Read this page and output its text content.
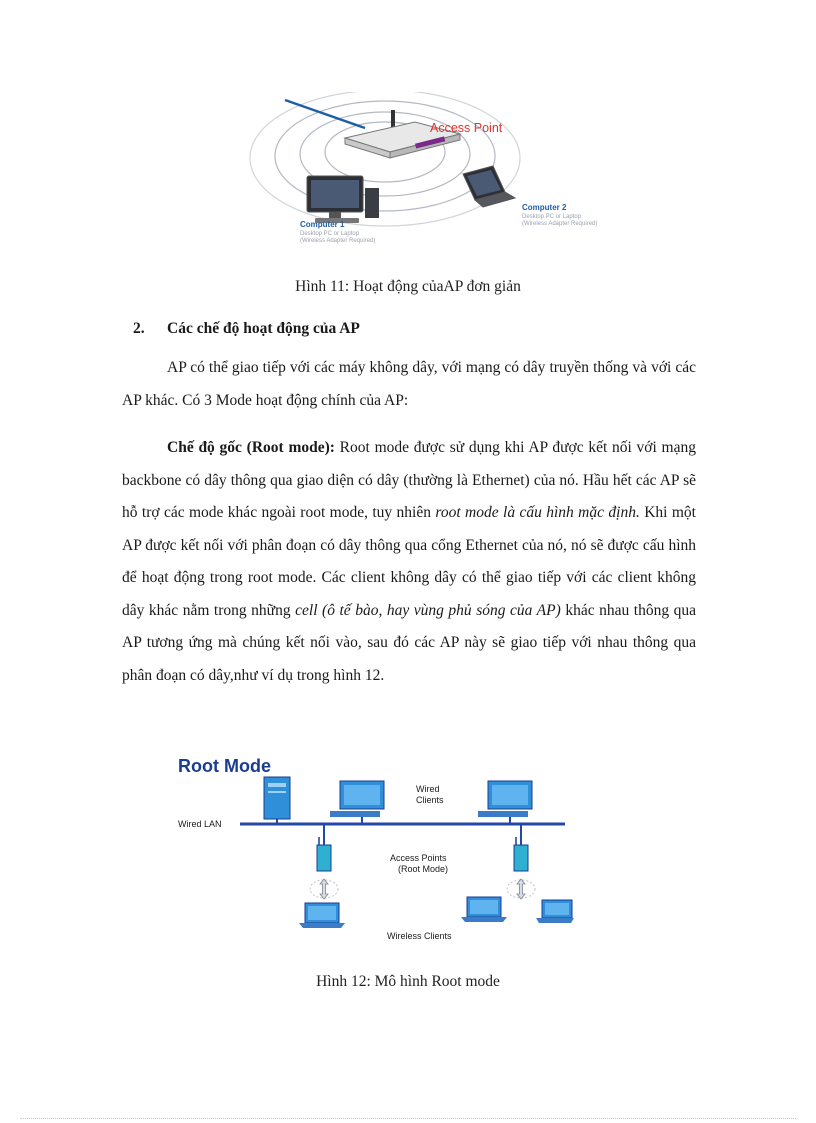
Access Point
Computer 1
Desktop PC or Laptop
(Wireless Adapter Required)
Computer 2
Desktop PC or Laptop
(Wireless Adapter Required)
Hình 11: Hoạt động củaAP đơn giản
2. Các chế độ hoạt động của AP

AP có thể giao tiếp với các máy không dây, với mạng có dây truyền thống và với các AP khác. Có 3 Mode hoạt động chính của AP:

Chế độ gốc (Root mode): Root mode được sử dụng khi AP được kết nối với mạng backbone có dây thông qua giao diện có dây (thường là Ethernet) của nó. Hầu hết các AP sẽ hỗ trợ các mode khác ngoài root mode, tuy nhiên root mode là cấu hình mặc định. Khi một AP được kết nối với phân đoạn có dây thông qua cổng Ethernet của nó, nó sẽ được cấu hình để hoạt động trong root mode. Các client không dây có thể giao tiếp với các client không dây khác nằm trong những cell (ô tế bào, hay vùng phủ sóng của AP) khác nhau thông qua AP tương ứng mà chúng kết nối vào, sau đó các AP này sẽ giao tiếp với nhau thông qua phân đoạn có dây,như ví dụ trong hình 12.

Root Mode
Wired
Clients
Wired LAN
Access Points
(Root Mode)
Wireless Clients
Hình 12: Mô hình Root mode
